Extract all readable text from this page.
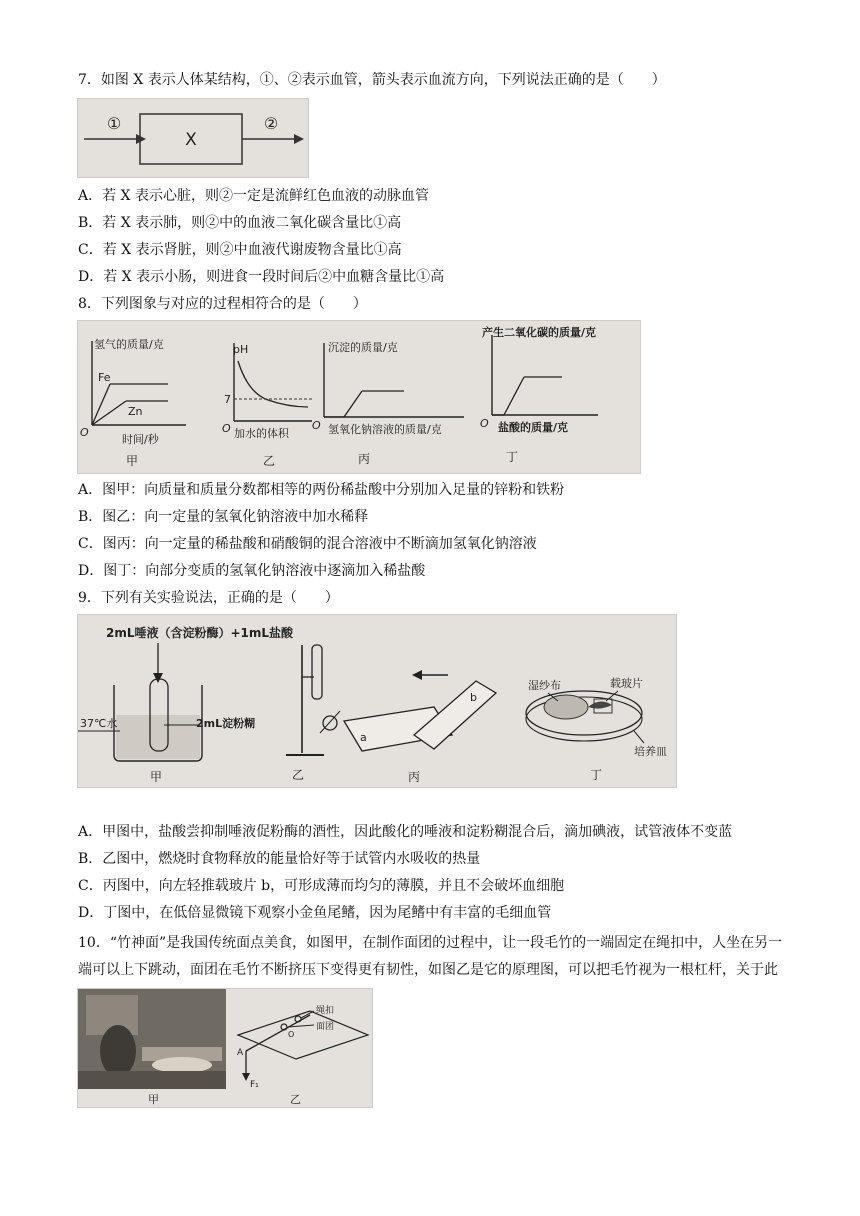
7．如图 X 表示人体某结构，①、②表示血管，箭头表示血流方向，下列说法正确的是（　　）
①
X
②
A．若 X 表示心脏，则②一定是流鲜红色血液的动脉血管
B．若 X 表示肺，则②中的血液二氧化碳含量比①高
C．若 X 表示肾脏，则②中血液代谢废物含量比①高
D．若 X 表示小肠，则进食一段时间后②中血糖含量比①高
8．下列图象与对应的过程相符合的是（　　）
氢气的质量/克
Fe
Zn
O
时间/秒
甲
pH
7
O 加水的体积
乙
沉淀的质量/克
O 氢氧化钠溶液的质量/克
丙
产生二氧化碳的质量/克
O 盐酸的质量/克
丁
A．图甲：向质量和质量分数都相等的两份稀盐酸中分别加入足量的锌粉和铁粉
B．图乙：向一定量的氢氧化钠溶液中加水稀释
C．图丙：向一定量的稀盐酸和硝酸铜的混合溶液中不断滴加氢氧化钠溶液
D．图丁：向部分变质的氢氧化钠溶液中逐滴加入稀盐酸
9．下列有关实验说法，正确的是（　　）
2mL唾液（含淀粉酶）+1mL盐酸
37℃水	2mL淀粉糊
甲	乙
a
b
丙
湿纱布	载玻片
培养皿
丁
A．甲图中，盐酸尝抑制唾液促粉酶的酒性，因此酸化的唾液和淀粉糊混合后，滴加碘液，试管液体不变蓝
B．乙图中，燃烧时食物释放的能量恰好等于试管内水吸收的热量
C．丙图中，向左轻推载玻片 b，可形成薄而均匀的薄膜，并且不会破坏血细胞
D．丁图中，在低倍显微镜下观察小金鱼尾鳍，因为尾鳍中有丰富的毛细血管
10．“竹神面”是我国传统面点美食，如图甲，在制作面团的过程中，让一段毛竹的一端固定在绳扣中，人坐在另一端可以上下跳动，面团在毛竹不断挤压下变得更有韧性，如图乙是它的原理图，可以把毛竹视为一根杠杆，关于此　　
甲
绳扣
面团
A
O
F₁
乙
